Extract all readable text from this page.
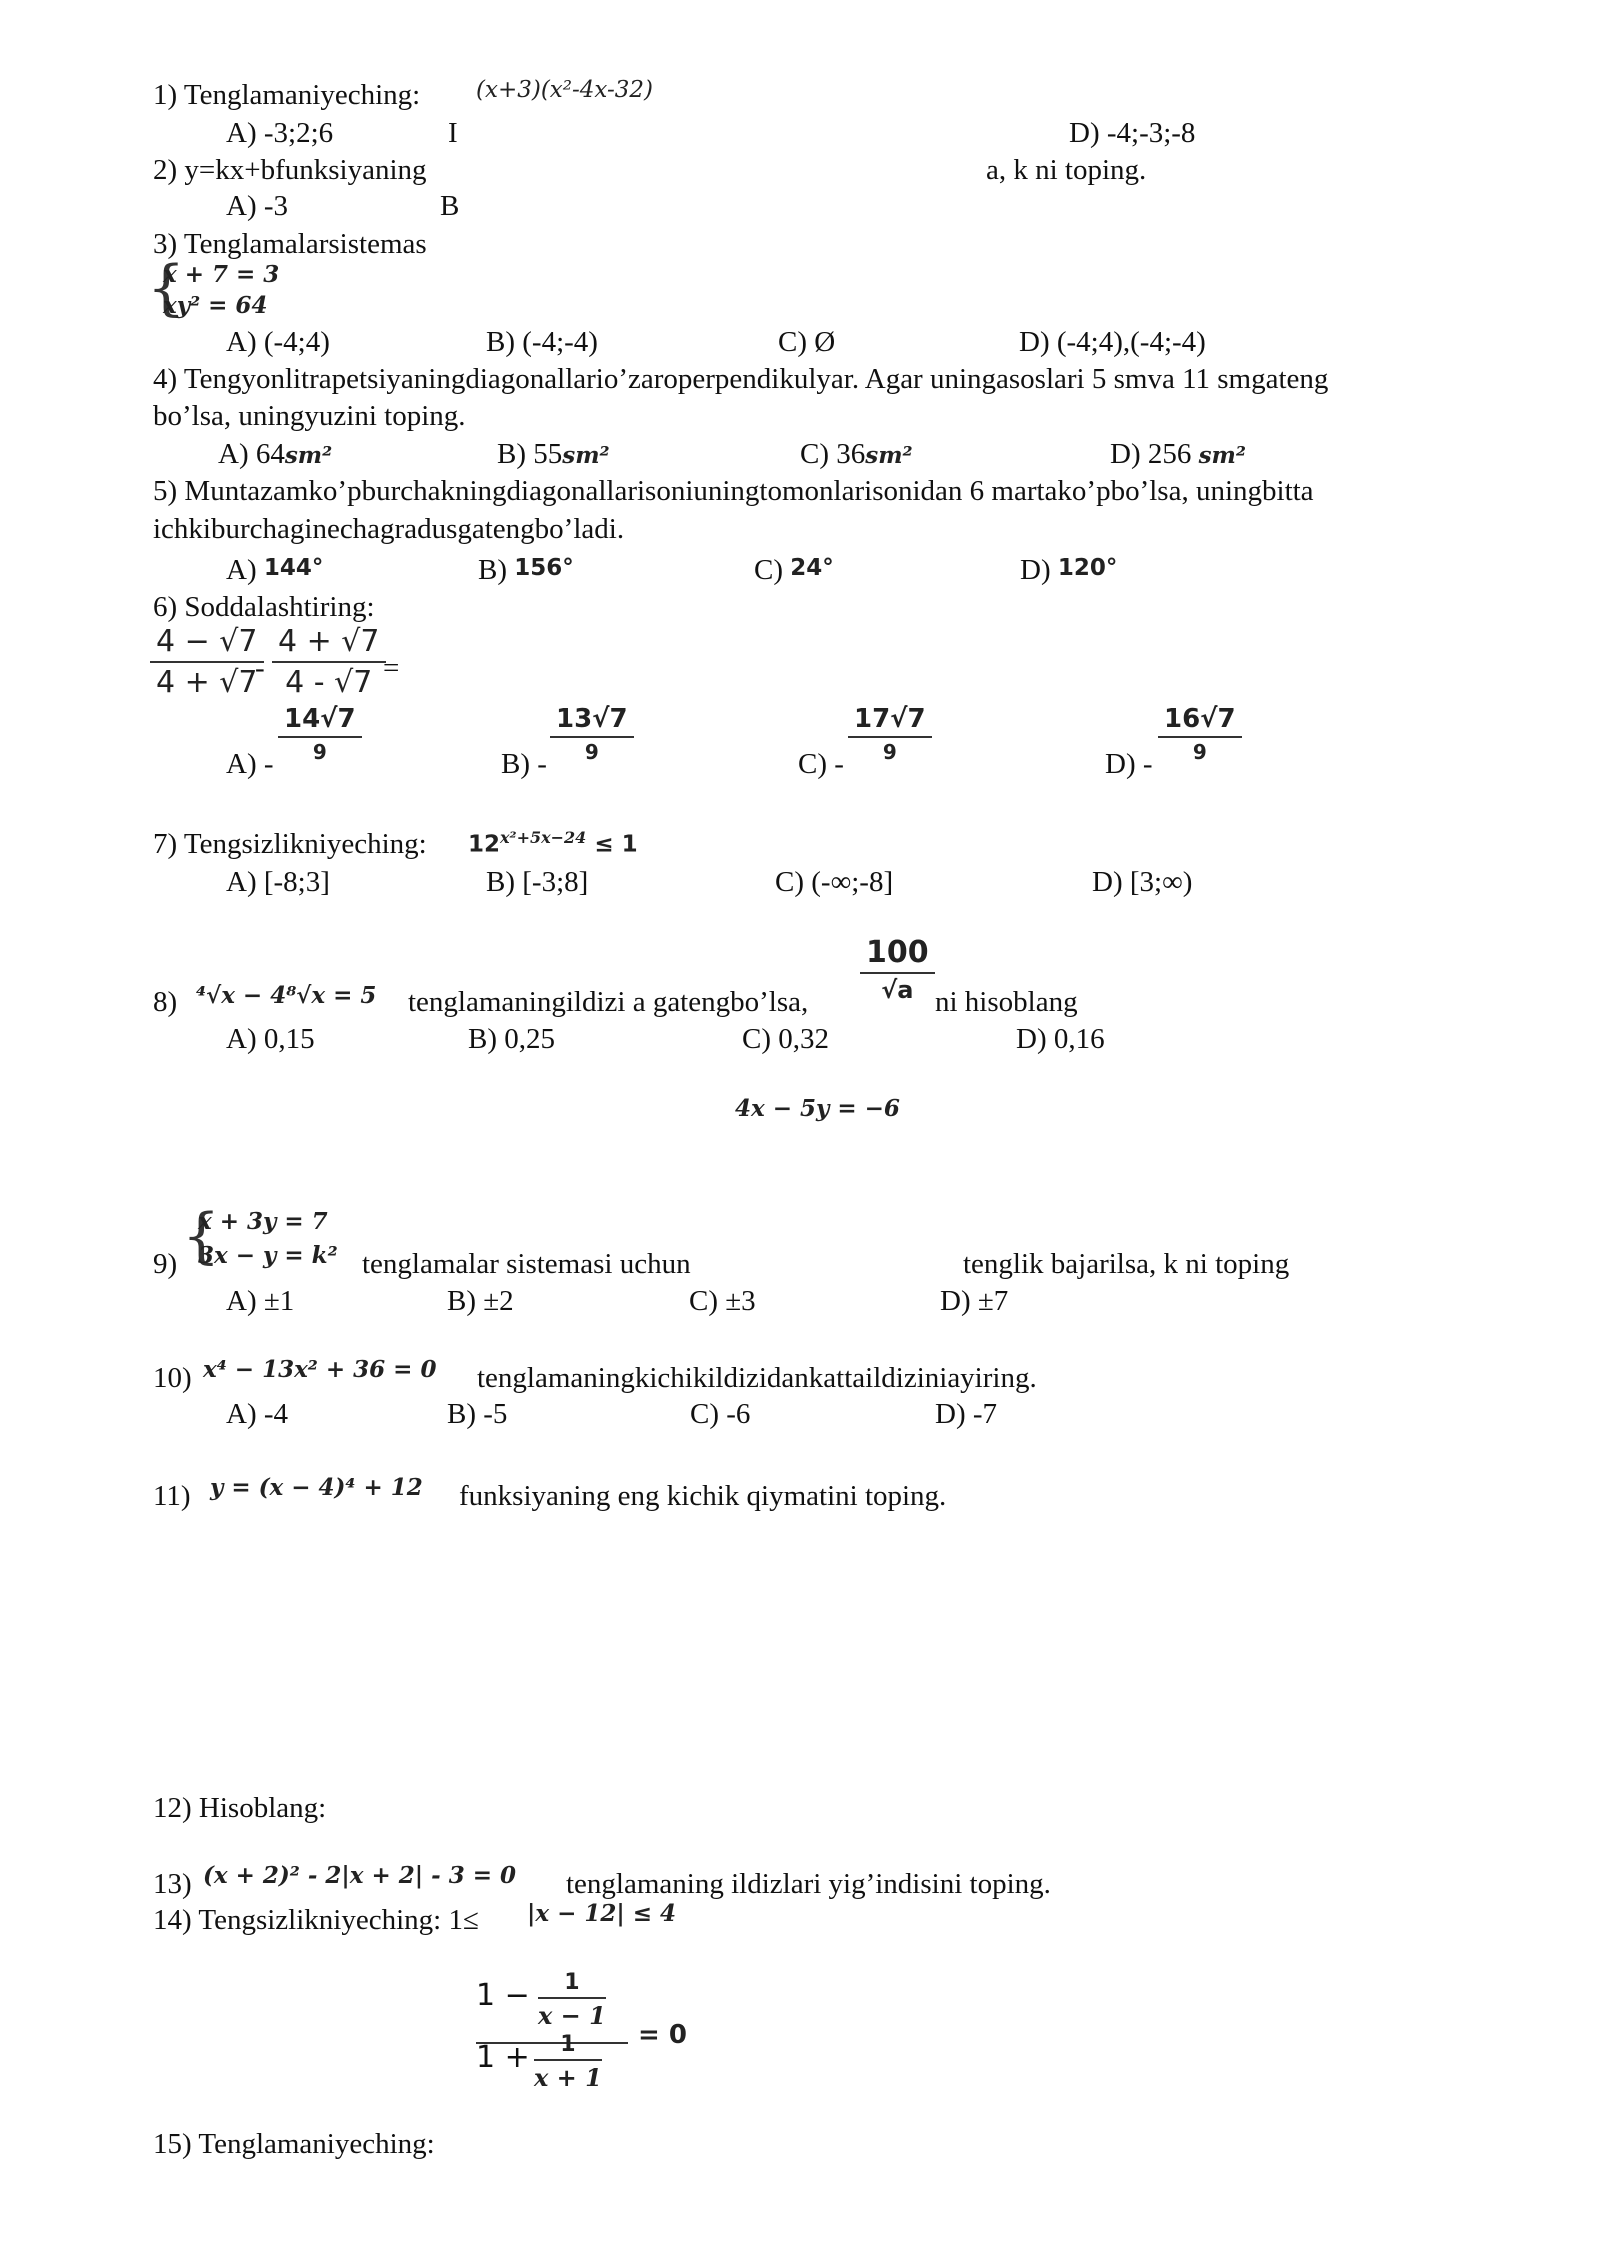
1) Tenglamaniyeching: (x+3)(x²-4x-32)
A) -3;2;6	I	D) -4;-3;-8
2) y=kx+bfunksiyaning	a, k ni toping.
A) -3	B
3) Tenglamalarsistemas
{
x + 7 = 3
xy² = 64
A) (-4;4)	B) (-4;-4)	C) Ø	D) (-4;4),(-4;-4)
4) Tengyonlitrapetsiyaningdiagonallario’zaroperpendikulyar. Agar uningasoslari 5 smva 11 smgateng
bo’lsa, uningyuzini toping.
A) 64sm²	B) 55sm²	C) 36sm²	D) 256 sm²
5) Muntazamko’pburchakningdiagonallarisoniuningtomonlarisonidan 6 martako’pbo’lsa, uningbitta
ichkiburchaginechagradusgatengbo’ladi.
A) 144°	B) 156°	C) 24°	D) 120°
6) Soddalashtiring:
4 − √7
4 + √7
-
4 + √7
4 - √7 =
A) -
14√7
9	B) -
13√7
9	C) -
17√7
9	D) -
16√7
9
7) Tengsizlikniyeching: $12^{x^2+5x-24} \le 1$
A) [-8;3]	B) [-3;8]	C) (-∞;-8]	D) [3;∞)
8) ⁴√x − 4⁸√x = 5 tenglamaningildizi a gatengbo’lsa,
100
√a ni hisoblang
A) 0,15	B) 0,25	C) 0,32	D) 0,16
4x − 5y = −6
{
x + 3y = 7
3x − y = k²
9)	tenglamalar sistemasi uchun	tenglik bajarilsa, k ni toping
A) ±1	B) ±2	C) ±3	D) ±7
10) x⁴ − 13x² + 36 = 0 tenglamaningkichikildizidankattaildiziniayiring.
A) -4	B) -5	C) -6	D) -7
11) y = (x − 4)⁴ + 12 funksiyaning eng kichik qiymatini toping.
12) Hisoblang:
13) (x + 2)² - 2|x + 2| - 3 = 0 tenglamaning ildizlari yig’indisini toping.
14) Tengsizlikniyeching: 1≤ |x − 12| ≤ 4
1 − 1
x − 1
1 + 1
x + 1
= 0
15) Tenglamaniyeching:
